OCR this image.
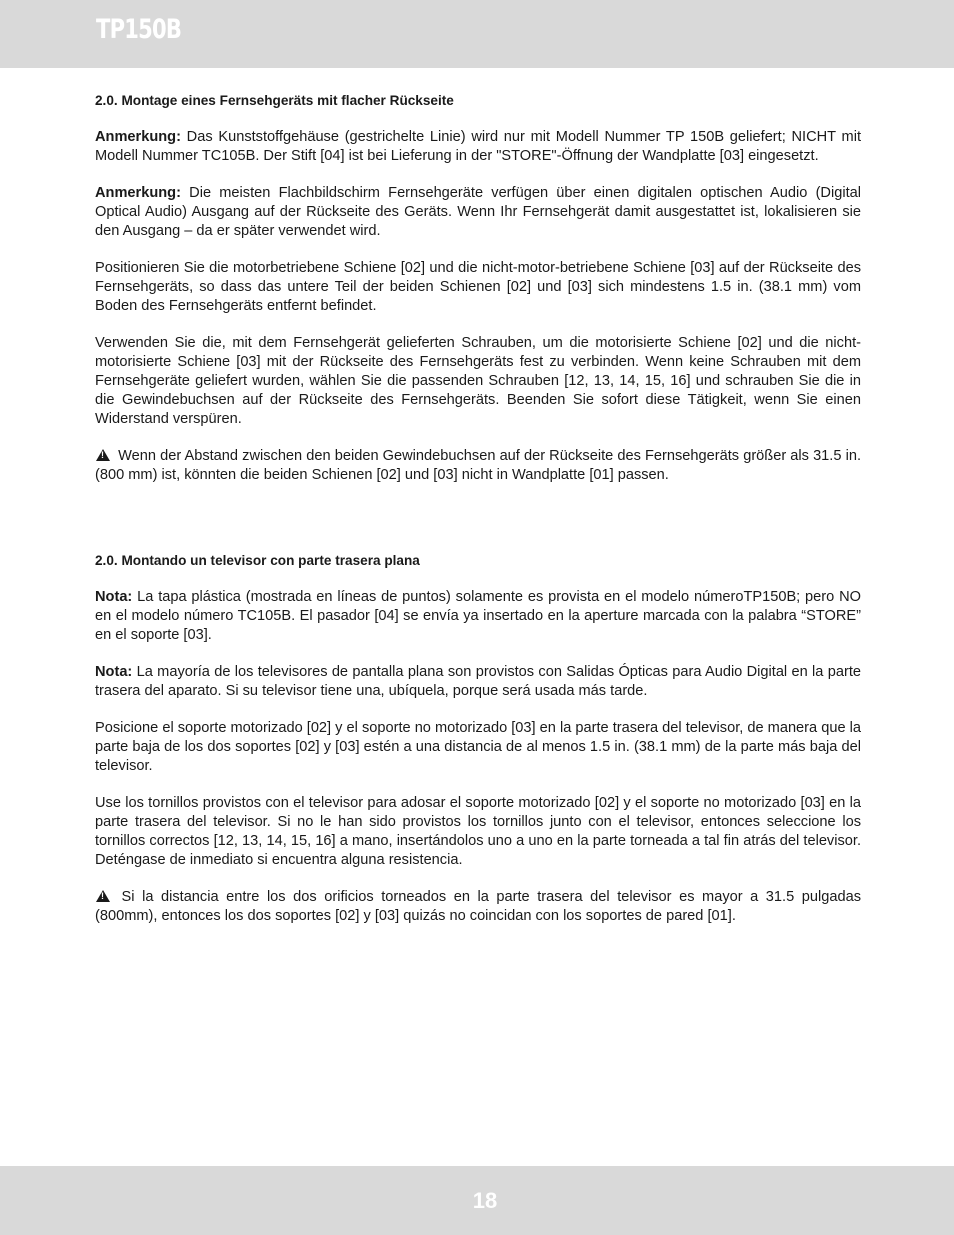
TP150B

2.0. Montage eines Fernsehgeräts mit flacher Rückseite

Anmerkung: Das Kunststoffgehäuse (gestrichelte Linie) wird nur mit Modell Nummer TP 150B geliefert; NICHT mit Modell Nummer TC105B. Der Stift [04] ist bei Lieferung in der "STORE"-Öffnung der Wandplatte [03] eingesetzt.

Anmerkung: Die meisten Flachbildschirm Fernsehgeräte verfügen über einen digitalen optischen Audio (Digital Optical Audio) Ausgang auf der Rückseite des Geräts. Wenn Ihr Fernsehgerät damit ausgestattet ist, lokalisieren sie den Ausgang – da er später verwendet wird.

Positionieren Sie die motorbetriebene Schiene [02] und die nicht-motor-betriebene Schiene [03] auf der Rückseite des Fernsehgeräts, so dass das untere Teil der beiden Schienen [02] und [03] sich mindestens 1.5 in. (38.1 mm) vom Boden des Fernsehgeräts entfernt befindet.

Verwenden Sie die, mit dem Fernsehgerät gelieferten Schrauben, um die motorisierte Schiene [02] und die nicht-motorisierte Schiene [03] mit der Rückseite des Fernsehgeräts fest zu verbinden. Wenn keine Schrauben mit dem Fernsehgeräte geliefert wurden, wählen Sie die passenden Schrauben [12, 13, 14, 15, 16] und schrauben Sie die in die Gewindebuchsen auf der Rückseite des Fernsehgeräts. Beenden Sie sofort diese Tätigkeit, wenn Sie einen Widerstand verspüren.

! Wenn der Abstand zwischen den beiden Gewindebuchsen auf der Rückseite des Fernsehgeräts größer als 31.5 in. (800 mm) ist, könnten die beiden Schienen [02] und [03] nicht in Wandplatte [01] passen.

2.0. Montando un televisor con parte trasera plana

Nota: La tapa plástica (mostrada en líneas de puntos) solamente es provista en el modelo númeroTP150B; pero NO en el modelo número TC105B. El pasador [04] se envía ya insertado en la aperture marcada con la palabra “STORE” en el soporte [03].

Nota: La mayoría de los televisores de pantalla plana son provistos con Salidas Ópticas para Audio Digital en la parte trasera del aparato. Si su televisor tiene una, ubíquela, porque será usada más tarde.

Posicione el soporte motorizado [02] y el soporte no motorizado [03] en la parte trasera del televisor, de manera que la parte baja de los dos soportes [02] y [03] estén a una distancia de al menos 1.5 in. (38.1 mm) de la parte más baja del televisor.

Use los tornillos provistos con el televisor para adosar el soporte motorizado [02] y el soporte no motorizado [03] en la parte trasera del televisor. Si no le han sido provistos los tornillos junto con el televisor, entonces seleccione los tornillos correctos [12, 13, 14, 15, 16] a mano, insertándolos uno a uno en la parte torneada a tal fin atrás del televisor. Deténgase de inmediato si encuentra alguna resistencia.

! Si la distancia entre los dos orificios torneados en la parte trasera del televisor es mayor a 31.5 pulgadas (800mm), entonces los dos soportes [02] y [03] quizás no coincidan con los soportes de pared [01].

18
